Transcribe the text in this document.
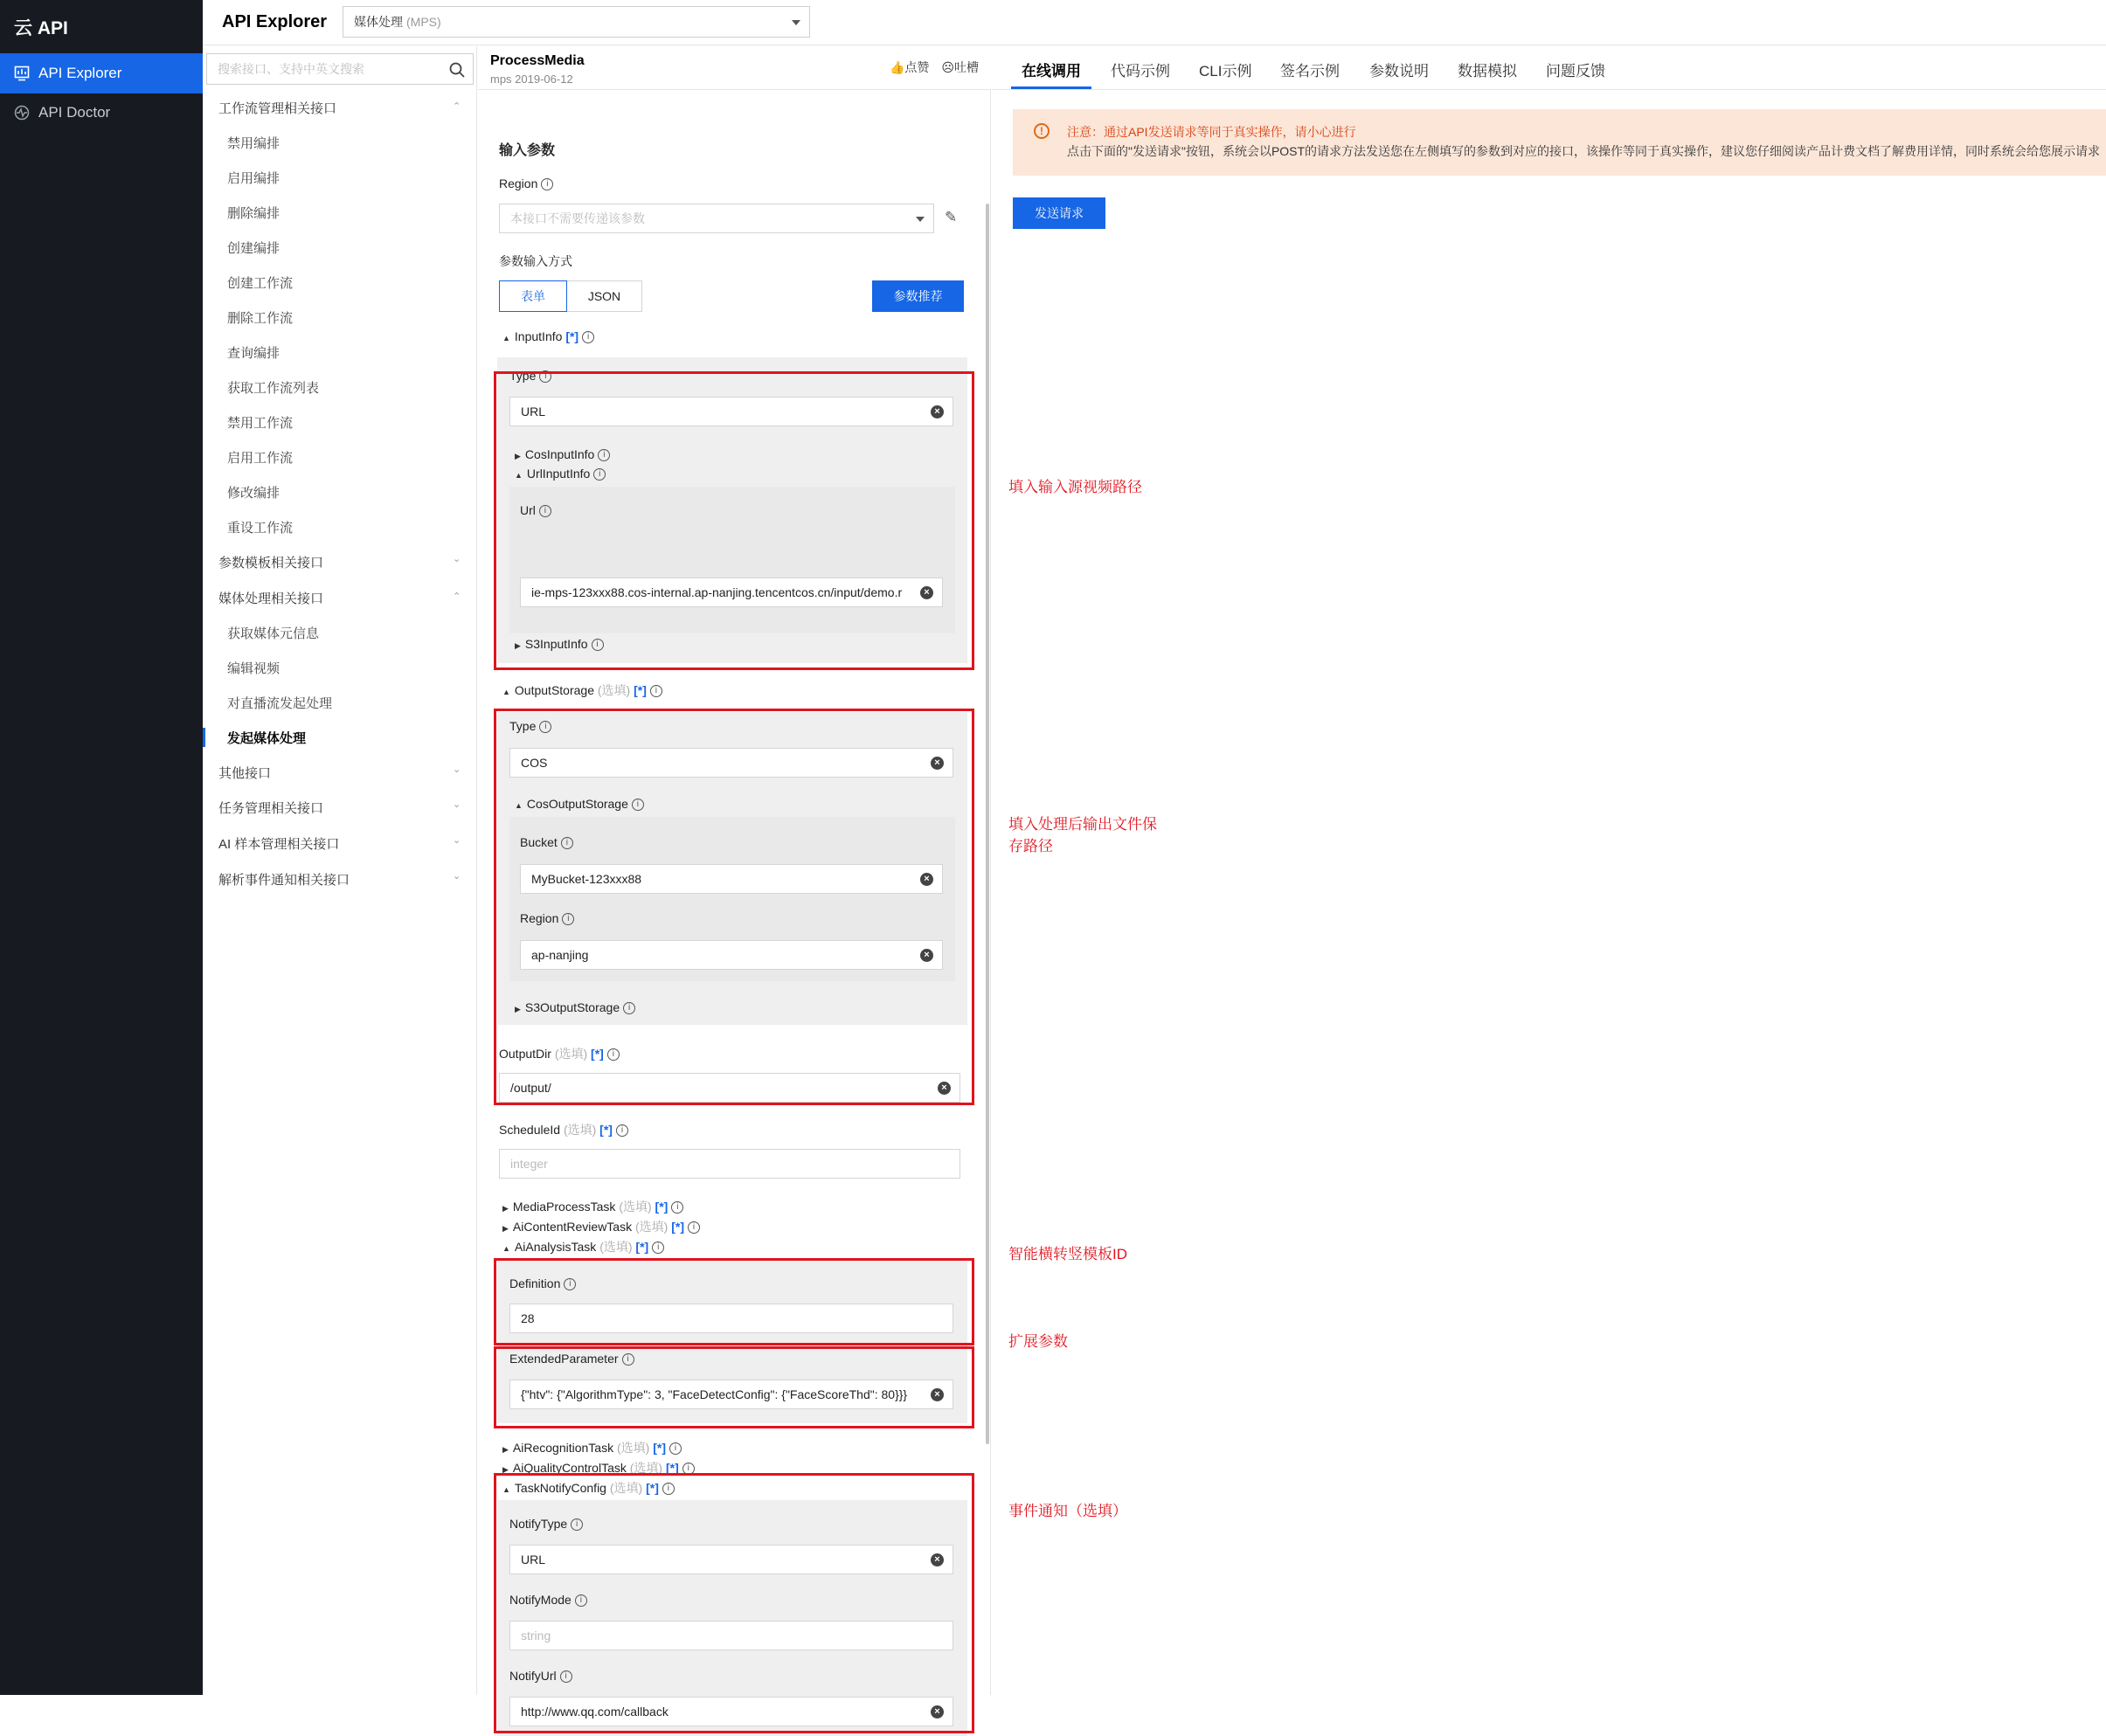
云 API
API Explorer
API Doctor
API Explorer 媒体处理 (MPS)
搜索接口、支持中英文搜索
工作流管理相关接口	⌃
禁用编排
启用编排
删除编排
创建编排
创建工作流
删除工作流
查询编排
获取工作流列表
禁用工作流
启用工作流
修改编排
重设工作流
参数模板相关接口	⌄
媒体处理相关接口	⌃
获取媒体元信息
编辑视频
对直播流发起处理
发起媒体处理
其他接口	⌄
任务管理相关接口	⌄
AI 样本管理相关接口	⌄
解析事件通知相关接口	⌄
ProcessMedia
mps 2019-06-12
👍点赞 ☹吐槽
输入参数
Region i
本接口不需要传递该参数	✎
参数输入方式
表单	JSON	参数推荐
▲ InputInfo [*] i
Type i
URL	×
▶ CosInputInfo i
▲ UrlInputInfo i
Url i
ie-mps-123xxx88.cos-internal.ap-nanjing.tencentcos.cn/input/demo.r	×
▶ S3InputInfo i
▲ OutputStorage (选填) [*] i
Type i
COS	×
▲ CosOutputStorage i
Bucket i
MyBucket-123xxx88	×
Region i
ap-nanjing	×
▶ S3OutputStorage i
OutputDir (选填) [*] i
/output/	×
ScheduleId (选填) [*] i
integer
▶ MediaProcessTask (选填) [*] i
▶ AiContentReviewTask (选填) [*] i
▲ AiAnalysisTask (选填) [*] i
Definition i
28
ExtendedParameter i
{"htv": {"AlgorithmType": 3, "FaceDetectConfig": {"FaceScoreThd": 80}}}	×
▶ AiRecognitionTask (选填) [*] i
▶ AiQualityControlTask (选填) [*] i
▲ TaskNotifyConfig (选填) [*] i
NotifyType i
URL	×
NotifyMode i
string
NotifyUrl i
http://www.qq.com/callback	×
在线调用 代码示例 CLI示例 签名示例 参数说明 数据模拟 问题反馈
!	注意：通过API发送请求等同于真实操作，请小心进行
点击下面的"发送请求"按钮，系统会以POST的请求方法发送您在左侧填写的参数到对应的接口，该操作等同于真实操作，建议您仔细阅读产品计费文档了解费用详情，同时系统会给您展示请求
发送请求
填入输入源视频路径
填入处理后输出文件保
存路径
智能横转竖模板ID
扩展参数
事件通知（选填）
